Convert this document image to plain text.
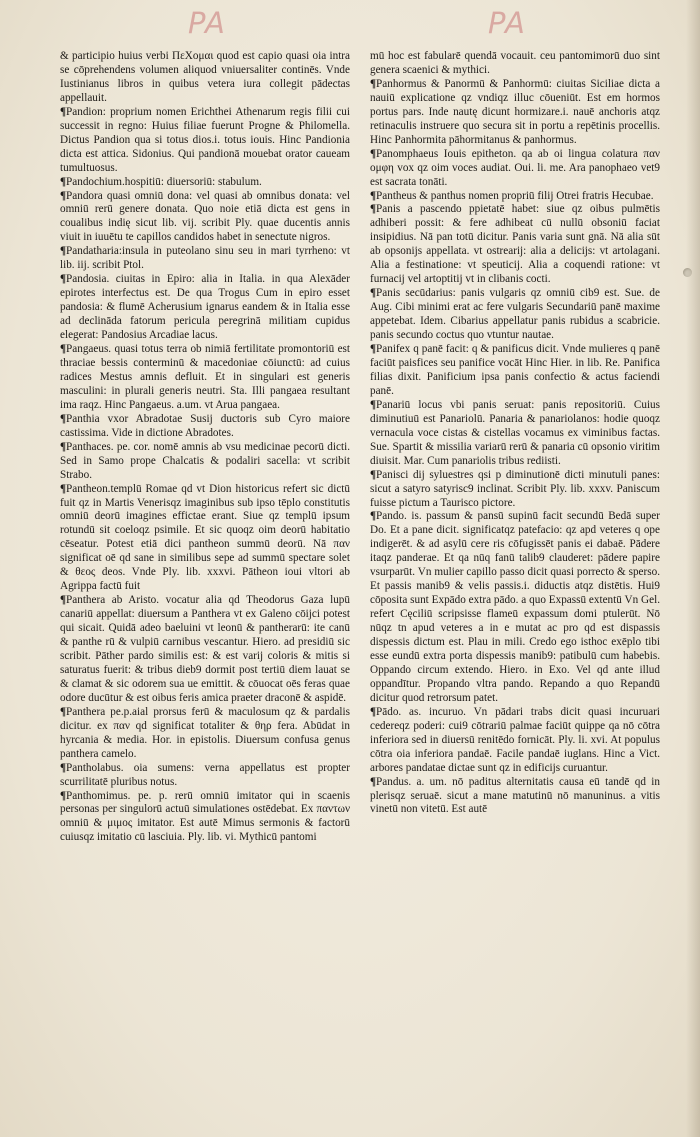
PA	PA

& participio huius verbi ΠεΧομαι quod est capio quasi oia intra se cōprehendens volumen aliquod vniuersaliter continēs. Vnde Iustinianus libros in quibus vetera iura collegit pādectas appellauit.

¶Pandion: proprium nomen Erichthei Athenarum regis filii cui successit in regno: Huius filiae fuerunt Progne & Philomella. Dictus Pandion qua si totus dios.i. totus iouis. Hinc Pandionia dicta est attica. Sidonius. Qui pandionā mouebat orator caueam tumultuosus.

¶Pandochium.hospitiū: diuersoriū: stabulum.

¶Pandora quasi omniū dona: vel quasi ab omnibus donata: vel omniū rerū genere donata. Quo noie etiā dicta est gens in coualibus indię sicut lib. vij. scribit Ply. quae ducentis annis viuit in iuuētu te capillos candidos habet in senectute nigros.

¶Pandatharia:insula in puteolano sinu seu in mari tyrrheno: vt lib. iij. scribit Ptol.

¶Pandosia. ciuitas in Epiro: alia in Italia. in qua Alexāder epirotes interfectus est. De qua Trogus Cum in epiro esset pandosia: & flumē Acherusium ignarus eandem & in Italia esse ad declināda fatorum pericula peregrinā militiam cupidus elegerat: Pandosius Arcadiae lacus.

¶Pangaeus. quasi totus terra ob nimiā fertilitate promontoriū est thraciae bessis conterminū & macedoniae cōiunctū: ad cuius radices Mestus amnis defluit. Et in singulari est generis masculini: in plurali generis neutri. Sta. Illi pangaea resultant ima raqz. Hinc Pangaeus. a.um. vt Arua pangaea.

¶Panthia vxor Abradotae Susij ductoris sub Cyro maiore castissima. Vide in dictione Abradotes.

¶Panthaces. pe. cor. nomē amnis ab vsu medicinae pecorū dicti. Sed in Samo prope Chalcatis & podaliri sacella: vt scribit Strabo.

¶Pantheon.templū Romae qd vt Dion historicus refert sic dictū fuit qz in Martis Venerisqz imaginibus sub ipso tēplo constitutis omniū deorū imagines effictae erant. Siue qz templū ipsum rotundū sit coeloqz psimile. Et sic quoqz oim deorū habitatio cēseatur. Potest etiā dici pantheon summū deorū. Nā παν significat oē qd sane in similibus sepe ad summū spectare solet & θεος deos. Vnde Ply. lib. xxxvi. Pātheon ioui vltori ab Agrippa factū fuit

¶Panthera ab Aristo. vocatur alia qd Theodorus Gaza lupū canariū appellat: diuersum a Panthera vt ex Galeno cōijci potest qui sicait. Quidā adeo baeluini vt leonū & pantherarū: ite canū & panthe rū & vulpiū carnibus vescantur. Hiero. ad presidiū sic scribit. Pāther pardo similis est: & est varij coloris & mitis si saturatus fuerit: & tribus dieb9 dormit post tertiū diem lauat se & clamat & sic odorem sua ue emittit. & cōuocat oēs feras quae odore ducūtur & est oibus feris amica praeter draconē & aspidē.

¶Panthera pe.p.aial prorsus ferū & maculosum qz & pardalis dicitur. ex παν qd significat totaliter & θηρ fera. Abūdat in hyrcania & media. Hor. in epistolis. Diuersum confusa genus panthera camelo.

¶Pantholabus. oia sumens: verna appellatus est propter scurrilitatē pluribus notus.

¶Panthomimus. pe. p. rerū omniū imitator qui in scaenis personas per singulorū actuū simulationes ostēdebat. Ex παντων omniū & μιμος imitator. Est autē Mimus sermonis & factorū cuiusqz imitatio cū lasciuia. Ply. lib. vi. Mythicū pantomi

mū hoc est fabularē quendā vocauit. ceu pantomimorū duo sint genera scaenici & mythici.

¶Panhormus & Panormū & Panhormū: ciuitas Siciliae dicta a nauiū explicatione qz vndiqz illuc cōueniūt. Est em hormos portus pars. Inde nautę dicunt hormizare.i. nauē anchoris atqz retinaculis instruere quo secura sit in portu a repētinis procellis. Hinc Panhormita pāhormitanus & panhormus.

¶Panomphaeus Iouis epitheton. qa ab oi lingua colatura παν ομφη vox qz oim voces audiat. Oui. li. me. Ara panophaeo vet9 est sacrata tonāti.

¶Pantheus & panthus nomen propriū filij Otrei fratris Hecubae.

¶Panis a pascendo ppietatē habet: siue qz oibus pulmētis adhiberi possit: & fere adhibeat cū nullū obsoniū faciat insipidius. Nā pan totū dicitur. Panis varia sunt gnā. Nā alia sūt ab opsonijs appellata. vt ostrearij: alia a delicijs: vt artolagani. Alia a festinatione: vt speuticij. Alia a coquendi ratione: vt furnacij vel artoptitij vt in clibanis cocti.

¶Panis secūdarius: panis vulgaris qz omniū cib9 est. Sue. de Aug. Cibi minimi erat ac fere vulgaris Secundariū panē maxime appetebat. Idem. Cibarius appellatur panis rubidus a scabricie. panis secundo coctus quo vtuntur nautae.

¶Panifex q panē facit: q & panificus dicit. Vnde mulieres q panē faciūt paisfices seu panifice vocāt Hinc Hier. in lib. Re. Panifica filias dixit. Panificium ipsa panis confectio & actus faciendi panē.

¶Panariū locus vbi panis seruat: panis repositoriū. Cuius diminutiuū est Panariolū. Panaria & panariolanos: hodie quoqz vernacula voce cistas & cistellas vocamus ex viminibus factas. Sue. Spartit & missilia variarū rerū & panaria cū opsonio viritim diuisit. Mar. Cum panariolis tribus rediisti.

¶Panisci dij syluestres qsi p diminutionē dicti minutuli panes: sicut a satyro satyrisc9 inclinat. Scribit Ply. lib. xxxv. Paniscum fuisse pictum a Taurisco pictore.

¶Pando. is. passum & pansū supinū facit secundū Bedā super Do. Et a pane dicit. significatqz patefacio: qz apd veteres q ope indigerēt. & ad asylū cere ris cōfugissēt panis ei dabaē. Pādere itaqz panderae. Et qa nūq fanū talib9 clauderet: pādere papire vsurparūt. Vn mulier capillo passo dicit quasi porrecto & sperso. Et passis manib9 & velis passis.i. diductis atqz distētis. Hui9 cōposita sunt Expādo extra pādo. a quo Expassū extentū Vn Gel. refert Cęciliū scripsisse flameū expassum domi ptulerūt. Nō nūqz tn apud veteres a in e mutat ac pro qd est dispassis dispessis dictum est. Plau in mili. Credo ego isthoc exēplo tibi esse eundū extra porta dispessis manib9: patibulū cum habebis. Oppando circum extendo. Hiero. in Exo. Vel qd ante illud oppandītur. Propando vltra pando. Repando a quo Repandū dicitur quod retrorsum patet.

¶Pādo. as. incuruo. Vn pādari trabs dicit quasi incuruari cedereqz poderi: cui9 cōtrariū palmae faciūt quippe qa nō cōtra inferiora sed in diuersū renitēdo fornicāt. Ply. li. xvi. At populus cōtra oia inferiora pandaē. Facile pandaē iuglans. Hinc a Vict. arbores pandatae dictae sunt qz in edificijs curuantur.

¶Pandus. a. um. nō paditus alternitatis causa eū tandē qd in plerisqz seruaē. sicut a mane matutinū nō manuninus. a vitis vinetū non vitetū. Est autē
